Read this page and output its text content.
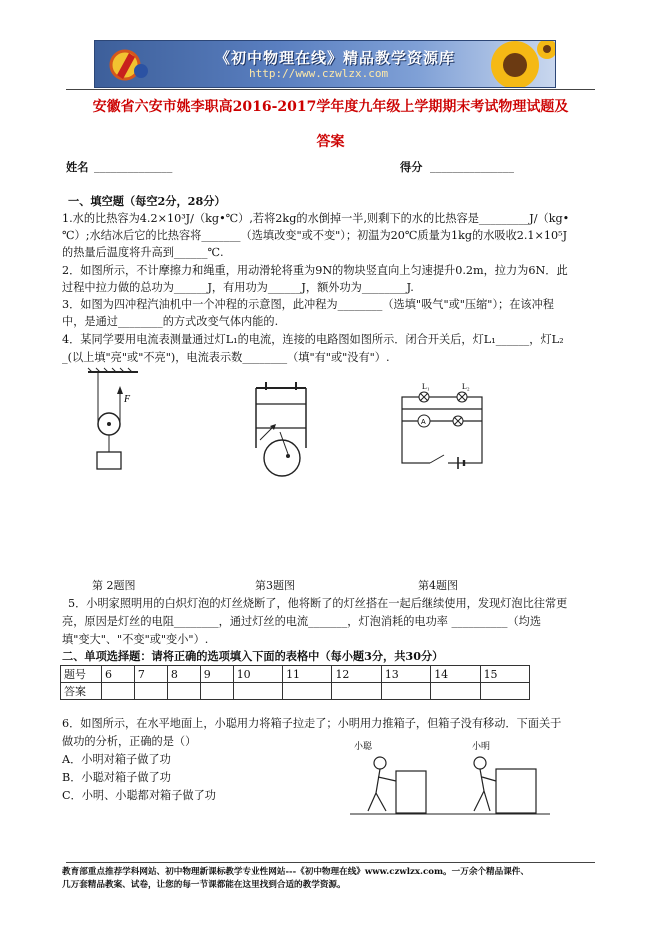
《初中物理在线》精品教学资源库
http://www.czwlzx.com
安徽省六安市姚李职高2016-2017学年度九年级上学期期末考试物理试题及
答案
姓名 ______________	得分 _______________
一、填空题（每空2分，28分）
1.水的比热容为4.2×10³J/（kg•℃）,若将2kg的水倒掉一半,则剩下的水的比热容是_________J/（kg•
℃）;水结冰后它的比热容将_______（选填改变"或不变"）；初温为20℃质量为1kg的水吸收2.1×10⁵J
的热量后温度将升高到______℃.
2．如图所示，不计摩擦力和绳重，用动滑轮将重为9N的物块竖直向上匀速提升0.2m，拉力为6N．此
过程中拉力做的总功为______J，有用功为______J，额外功为________J.
3．如图为四冲程汽油机中一个冲程的示意图，此冲程为________（选填"吸气"或"压缩"）；在该冲程
中，是通过________的方式改变气体内能的.
4．某同学要用电流表测量通过灯L₁的电流，连接的电路图如图所示．闭合开关后，灯L₁______，灯L₂
_(以上填"亮"或"不亮")，电流表示数________（填"有"或"没有"）.
F
L₁	L₂
A
第 2题图	第3题图	第4题图
5．小明家照明用的白炽灯泡的灯丝烧断了，他将断了的灯丝搭在一起后继续使用，发现灯泡比往常更
亮，原因是灯丝的电阻________，通过灯丝的电流_______，灯泡消耗的电功率 __________（均选
填"变大"、"不变"或"变小"）.
二、单项选择题：请将正确的选项填入下面的表格中（每小题3分，共30分）
题号	6	7	8	9	10	11	12	13	14	15
答案										
6．如图所示，在水平地面上，小聪用力将箱子拉走了；小明用力推箱子，但箱子没有移动．下面关于
做功的分析，正确的是（）
A．小明对箱子做了功
B．小聪对箱子做了功
C．小明、小聪都对箱子做了功
小聪	小明
教育部重点推荐学科网站、初中物理新课标教学专业性网站---《初中物理在线》www.czwlzx.com。一万余个精品课件、
几万套精品教案、试卷，让您的每一节课都能在这里找到合适的教学资源。
